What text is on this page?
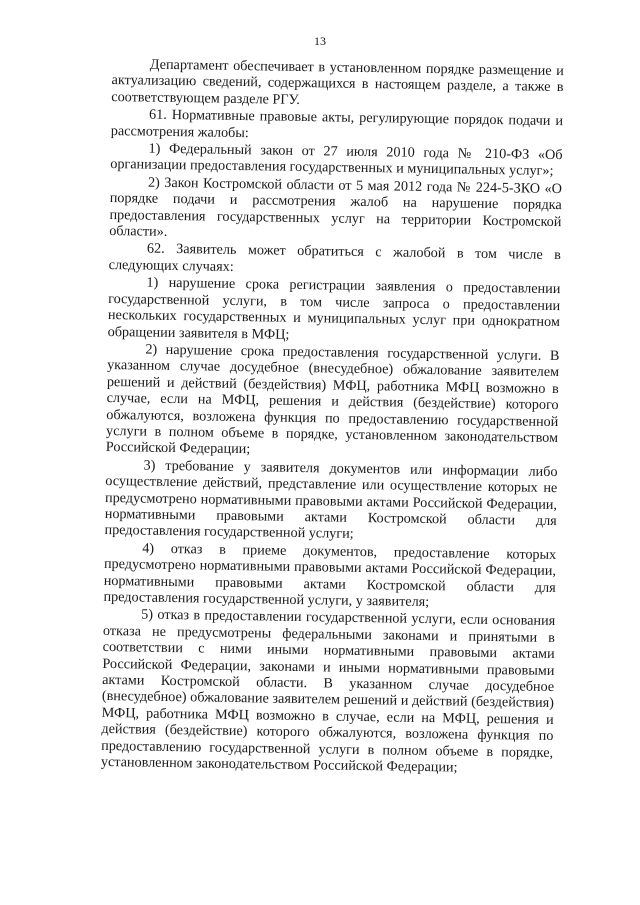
13

Департамент обеспечивает в установленном порядке размещение и актуализацию сведений, содержащихся в настоящем разделе, а также в соответствующем разделе РГУ.

61. Нормативные правовые акты, регулирующие порядок подачи и рассмотрения жалобы:

1) Федеральный закон от 27 июля 2010 года № 210-ФЗ «Об организации предоставления государственных и муниципальных услуг»;

2) Закон Костромской области от 5 мая 2012 года № 224-5-ЗКО «О порядке подачи и рассмотрения жалоб на нарушение порядка предоставления государственных услуг на территории Костромской области».

62. Заявитель может обратиться с жалобой в том числе в следующих случаях:

1) нарушение срока регистрации заявления о предоставлении государственной услуги, в том числе запроса о предоставлении нескольких государственных и муниципальных услуг при однократном обращении заявителя в МФЦ;

2) нарушение срока предоставления государственной услуги. В указанном случае досудебное (внесудебное) обжалование заявителем решений и действий (бездействия) МФЦ, работника МФЦ возможно в случае, если на МФЦ, решения и действия (бездействие) которого обжалуются, возложена функция по предоставлению государственной услуги в полном объеме в порядке, установленном законодательством Российской Федерации;

3) требование у заявителя документов или информации либо осуществление действий, представление или осуществление которых не предусмотрено нормативными правовыми актами Российской Федерации, нормативными правовыми актами Костромской области для предоставления государственной услуги;

4) отказ в приеме документов, предоставление которых предусмотрено нормативными правовыми актами Российской Федерации, нормативными правовыми актами Костромской области для предоставления государственной услуги, у заявителя;

5) отказ в предоставлении государственной услуги, если основания отказа не предусмотрены федеральными законами и принятыми в соответствии с ними иными нормативными правовыми актами Российской Федерации, законами и иными нормативными правовыми актами Костромской области. В указанном случае досудебное (внесудебное) обжалование заявителем решений и действий (бездействия) МФЦ, работника МФЦ возможно в случае, если на МФЦ, решения и действия (бездействие) которого обжалуются, возложена функция по предоставлению государственной услуги в полном объеме в порядке, установленном законодательством Российской Федерации;
